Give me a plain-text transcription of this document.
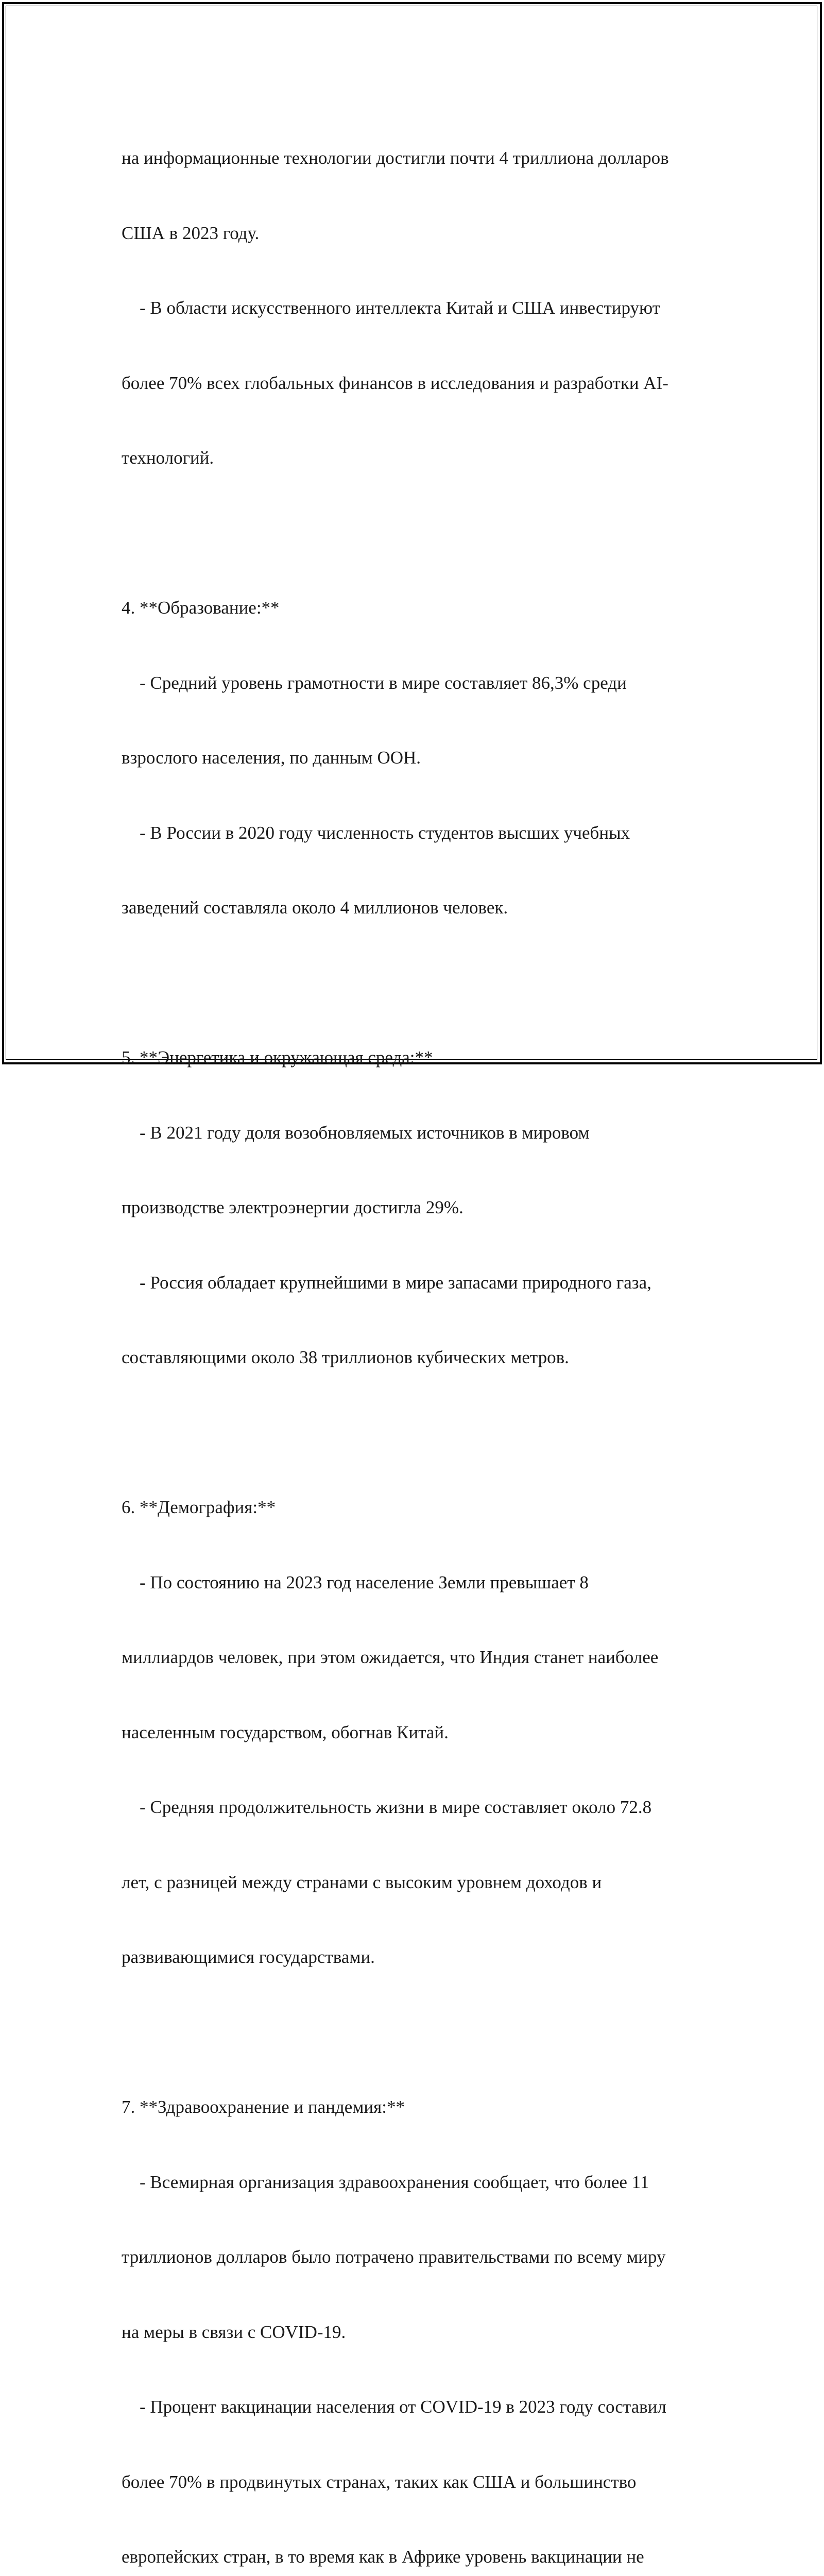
на информационные технологии достигли почти 4 триллиона долларов

США в 2023 году.

- В области искусственного интеллекта Китай и США инвестируют

более 70% всех глобальных финансов в исследования и разработки AI-

технологий.

4. **Образование:**

- Средний уровень грамотности в мире составляет 86,3% среди

взрослого населения, по данным ООН.

- В России в 2020 году численность студентов высших учебных

заведений составляла около 4 миллионов человек.

5. **Энергетика и окружающая среда:**

- В 2021 году доля возобновляемых источников в мировом

производстве электроэнергии достигла 29%.

- Россия обладает крупнейшими в мире запасами природного газа,

составляющими около 38 триллионов кубических метров.

6. **Демография:**

- По состоянию на 2023 год население Земли превышает 8

миллиардов человек, при этом ожидается, что Индия станет наиболее

населенным государством, обогнав Китай.

- Средняя продолжительность жизни в мире составляет около 72.8

лет, с разницей между странами с высоким уровнем доходов и

развивающимися государствами.

7. **Здравоохранение и пандемия:**

- Всемирная организация здравоохранения сообщает, что более 11

триллионов долларов было потрачено правительствами по всему миру

на меры в связи с COVID-19.

- Процент вакцинации населения от COVID-19 в 2023 году составил

более 70% в продвинутых странах, таких как США и большинство

европейских стран, в то время как в Африке уровень вакцинации не
